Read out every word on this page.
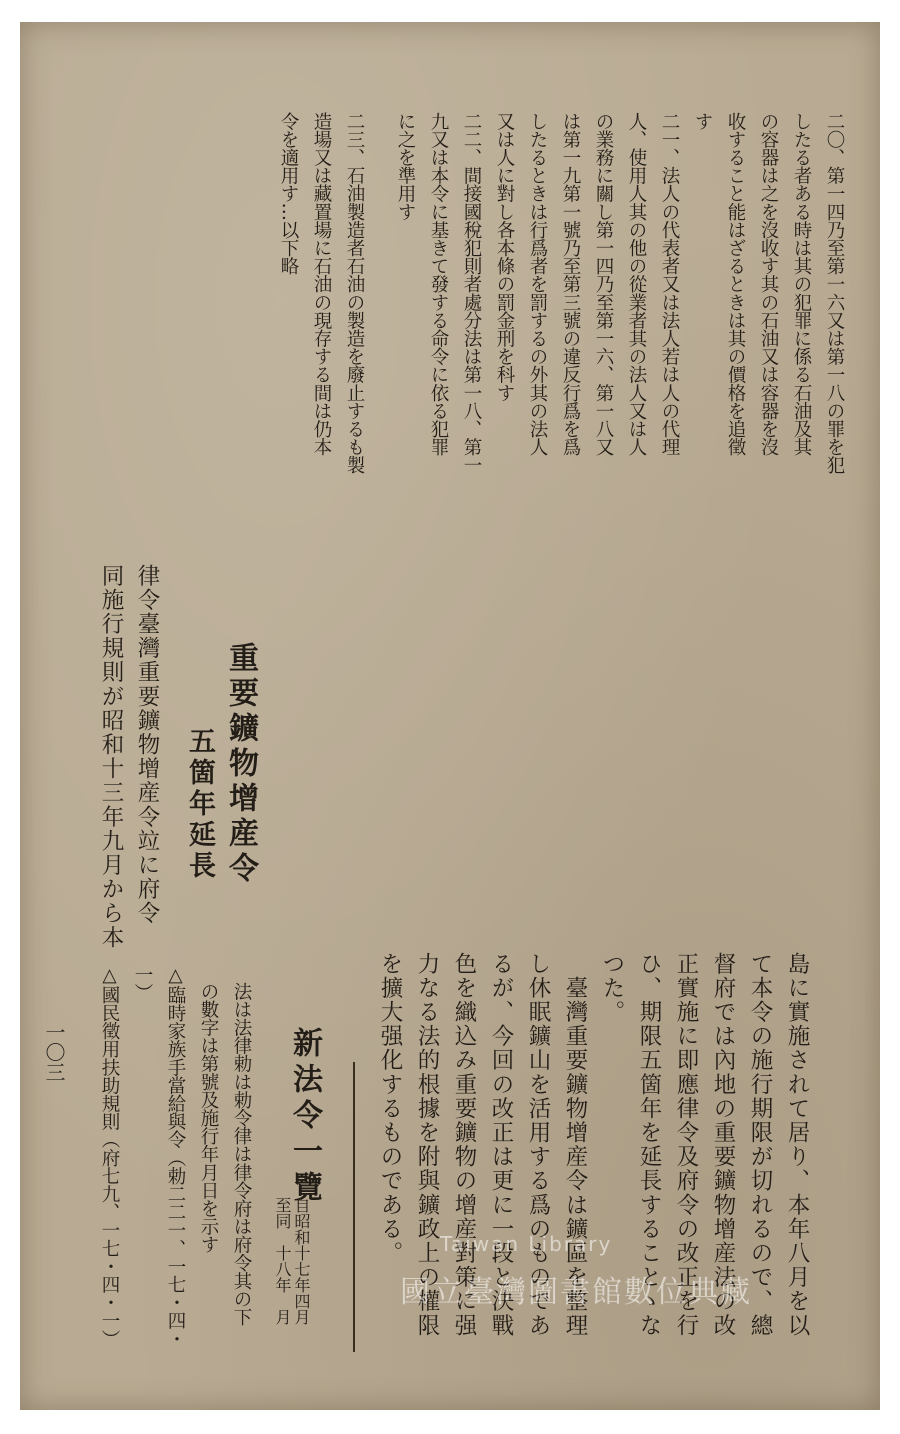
二〇、第一四乃至第一六又は第一八の罪を犯
したる者ある時は其の犯罪に係る石油及其
の容器は之を沒收す其の石油又は容器を沒
收すること能はざるときは其の價格を追徵
す
二一、法人の代表者又は法人若は人の代理
人、使用人其の他の從業者其の法人又は人
の業務に關し第一四乃至第一六、第一八又
は第一九第一號乃至第三號の違反行爲を爲
したるときは行爲者を罰するの外其の法人
又は人に對し各本條の罰金刑を科す
二二、間接國稅犯則者處分法は第一八、第一
九又は本令に基きて發する命令に依る犯罪
に之を準用す
二三、石油製造者石油の製造を廢止するも製
造場又は藏置場に石油の現存する間は仍本
令を適用す…以下略
重要鑛物增産令
五箇年延長
律令臺灣重要鑛物增産令竝に府令
同施行規則が昭和十三年九月から本
島に實施されて居り、本年八月を以
て本令の施行期限が切れるので、總
督府では內地の重要鑛物增産法の改
正實施に即應律令及府令の改正を行
ひ、期限五箇年を延長することゝな
つた。
　臺灣重要鑛物增産令は鑛區を整理
し休眠鑛山を活用する爲のものであ
るが、今回の改正は更に一段と決戰
色を織込み重要鑛物の增産對策に强
力なる法的根據を附與鑛政上の權限
を擴大强化するものである。
新法令一覽
自昭和十七年四月
至同　十八年　月
法は法律勅は勅令律は律令府は府令其の下
の數字は第號及施行年月日を示す
△臨時家族手當給與令（勅二二一、一七・四・
一）
△國民徵用扶助規則（府七九、一七・四・一）
一〇三
Taiwan Library
國立臺灣圖書館數位典藏
